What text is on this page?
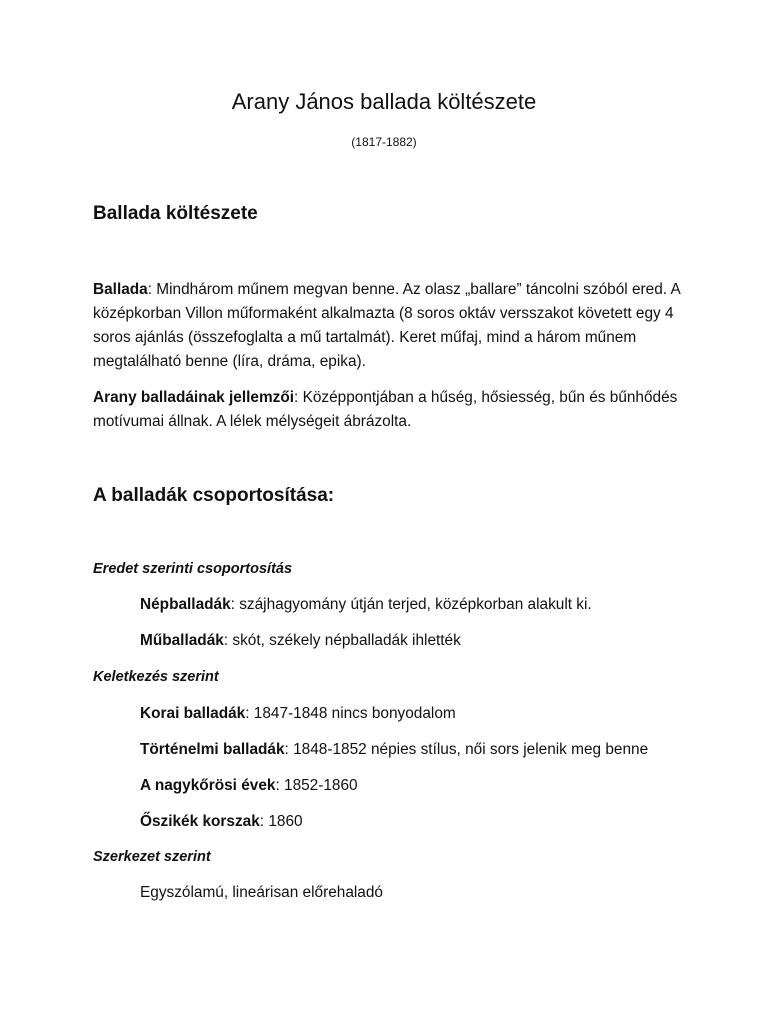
Arany János ballada költészete

(1817-1882)

Ballada költészete

Ballada: Mindhárom műnem megvan benne. Az olasz „ballare” táncolni szóból ered. A középkorban Villon műformaként alkalmazta (8 soros oktáv versszakot követett egy 4 soros ajánlás (összefoglalta a mű tartalmát). Keret műfaj, mind a három műnem megtalálható benne (líra, dráma, epika).

Arany balladáinak jellemzői: Középpontjában a hűség, hősiesség, bűn és bűnhődés motívumai állnak. A lélek mélységeit ábrázolta.

A balladák csoportosítása:

Eredet szerinti csoportosítás

Népballadák: szájhagyomány útján terjed, középkorban alakult ki.

Műballadák: skót, székely népballadák ihlették

Keletkezés szerint

Korai balladák: 1847-1848 nincs bonyodalom

Történelmi balladák: 1848-1852 népies stílus, női sors jelenik meg benne

A nagykőrösi évek: 1852-1860

Őszikék korszak: 1860

Szerkezet szerint

Egyszólamú, lineárisan előrehaladó
